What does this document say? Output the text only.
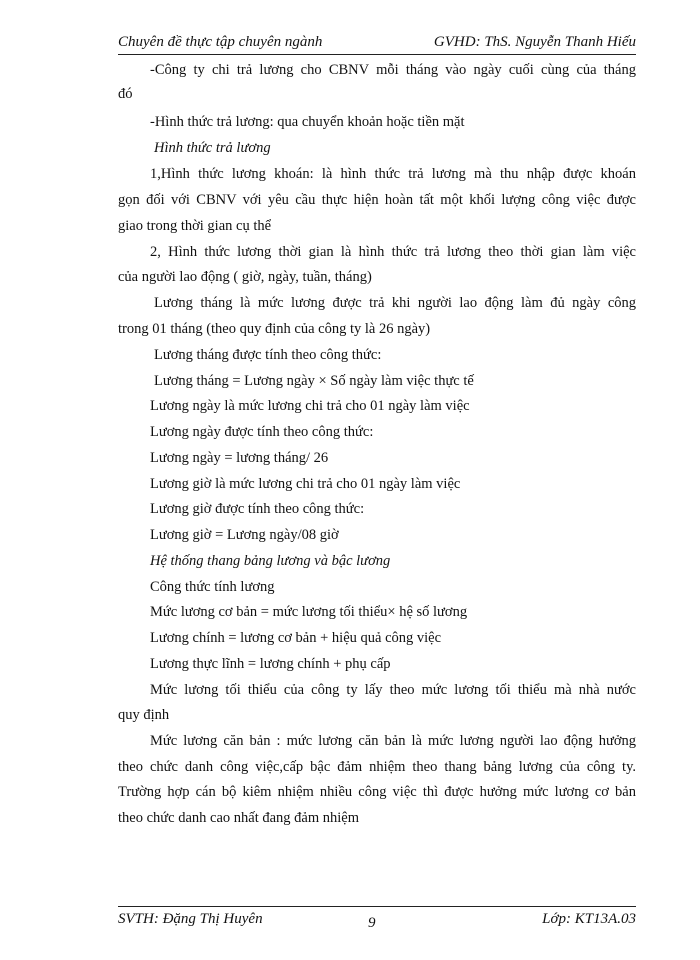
Chuyên đề thực tập chuyên ngành	GVHD: ThS. Nguyễn Thanh Hiếu
-Công ty chi trả lương cho CBNV mỗi tháng vào ngày cuối cùng của tháng
đó
-Hình thức trả lương: qua chuyển khoản hoặc tiền mặt
Hình thức trả lương
1,Hình thức lương khoán: là hình thức trả lương mà thu nhập được khoán
gọn đối với CBNV với yêu cầu thực hiện hoàn tất một khối lượng công việc được
giao trong thời gian cụ thể
2, Hình thức lương thời gian là hình thức trả lương theo thời gian làm việc
của người lao động ( giờ, ngày, tuần, tháng)
Lương tháng là mức lương được trả khi người lao động làm đủ ngày công
trong 01 tháng (theo quy định của công ty là 26 ngày)
Lương tháng được tính theo công thức:
Lương tháng = Lương ngày × Số ngày làm việc thực tế
Lương ngày là mức lương chi trả cho 01 ngày làm việc
Lương ngày được tính theo công thức:
Lương ngày = lương tháng/ 26
Lương giờ là mức lương chi trả cho 01 ngày làm việc
Lương giờ được tính theo công thức:
Lương giờ = Lương ngày/08 giờ
Hệ thống thang bảng lương và bậc lương
Công thức tính lương
Mức lương cơ bản = mức lương tối thiểu× hệ số lương
Lương chính = lương cơ bản + hiệu quả công việc
Lương thực lĩnh = lương chính + phụ cấp
Mức lương tối thiểu của công ty lấy theo mức lương tối thiểu mà nhà nước
quy định
Mức lương căn bản : mức lương căn bản là mức lương người lao động hưởng
theo chức danh công việc,cấp bậc đảm nhiệm theo thang bảng lương của công ty.
Trường hợp cán bộ kiêm nhiệm nhiều công việc thì được hưởng mức lương cơ bản
theo chức danh cao nhất đang đảm nhiệm
SVTH: Đặng Thị Huyên	9	Lớp: KT13A.03
